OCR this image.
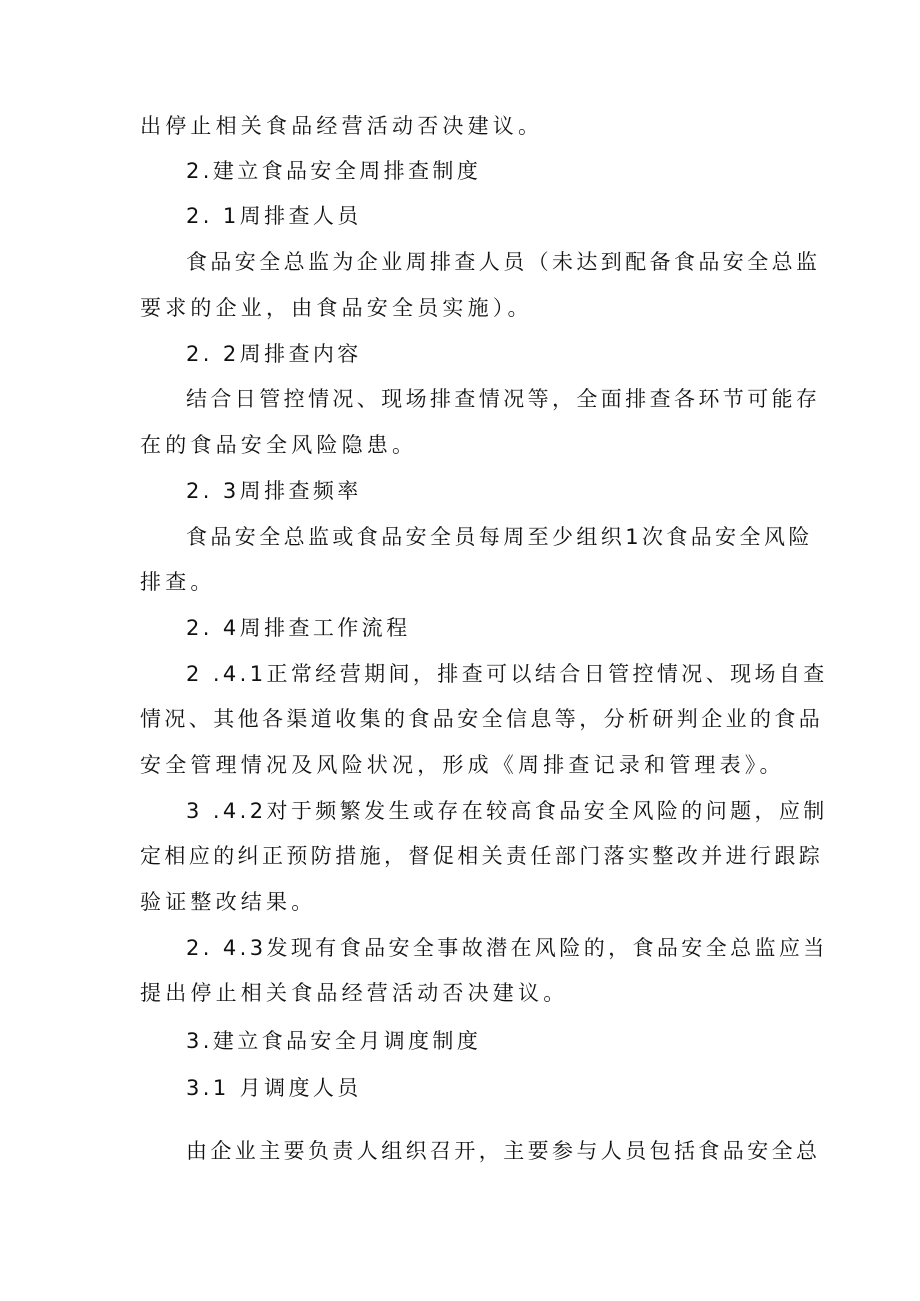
出停止相关食品经营活动否决建议。
2.建立食品安全周排查制度
2. 1周排查人员
食品安全总监为企业周排查人员（未达到配备食品安全总监
要求的企业，由食品安全员实施）。
2. 2周排查内容
结合日管控情况、现场排查情况等，全面排查各环节可能存
在的食品安全风险隐患。
2. 3周排查频率
食品安全总监或食品安全员每周至少组织1次食品安全风险
排查。
2. 4周排查工作流程
2 .4.1正常经营期间，排查可以结合日管控情况、现场自查
情况、其他各渠道收集的食品安全信息等，分析研判企业的食品
安全管理情况及风险状况，形成《周排查记录和管理表》。
3 .4.2对于频繁发生或存在较高食品安全风险的问题，应制
定相应的纠正预防措施，督促相关责任部门落实整改并进行跟踪
验证整改结果。
2. 4.3发现有食品安全事故潜在风险的，食品安全总监应当
提出停止相关食品经营活动否决建议。
3.建立食品安全月调度制度
3.1 月调度人员
由企业主要负责人组织召开，主要参与人员包括食品安全总
